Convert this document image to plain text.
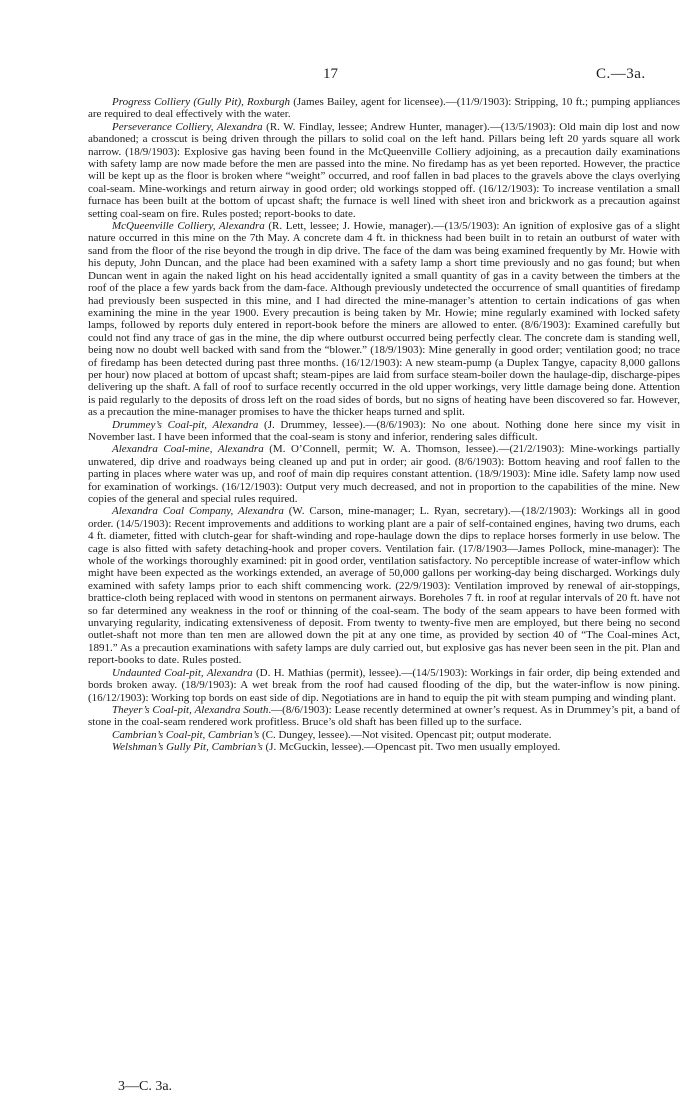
17	C.—3a.

Progress Colliery (Gully Pit), Roxburgh (James Bailey, agent for licensee).—(11/9/1903): Stripping, 10 ft.; pumping appliances are required to deal effectively with the water.

Perseverance Colliery, Alexandra (R. W. Findlay, lessee; Andrew Hunter, manager).—(13/5/1903): Old main dip lost and now abandoned; a crosscut is being driven through the pillars to solid coal on the left hand. Pillars being left 20 yards square all work narrow. (18/9/1903): Explosive gas having been found in the McQueenville Colliery adjoining, as a precaution daily examinations with safety lamp are now made before the men are passed into the mine. No firedamp has as yet been reported. However, the practice will be kept up as the floor is broken where “weight” occurred, and roof fallen in bad places to the gravels above the clays overlying coal-seam. Mine-workings and return airway in good order; old workings stopped off. (16/12/1903): To increase ventilation a small furnace has been built at the bottom of upcast shaft; the furnace is well lined with sheet iron and brickwork as a precaution against setting coal-seam on fire. Rules posted; report-books to date.

McQueenville Colliery, Alexandra (R. Lett, lessee; J. Howie, manager).—(13/5/1903): An ignition of explosive gas of a slight nature occurred in this mine on the 7th May. A concrete dam 4 ft. in thickness had been built in to retain an outburst of water with sand from the floor of the rise beyond the trough in dip drive. The face of the dam was being examined frequently by Mr. Howie with his deputy, John Duncan, and the place had been examined with a safety lamp a short time previously and no gas found; but when Duncan went in again the naked light on his head accidentally ignited a small quantity of gas in a cavity between the timbers at the roof of the place a few yards back from the dam-face. Although previously undetected the occurrence of small quantities of firedamp had previously been suspected in this mine, and I had directed the mine-manager’s attention to certain indications of gas when examining the mine in the year 1900. Every precaution is being taken by Mr. Howie; mine regularly examined with locked safety lamps, followed by reports duly entered in report-book before the miners are allowed to enter. (8/6/1903): Examined carefully but could not find any trace of gas in the mine, the dip where outburst occurred being perfectly clear. The concrete dam is standing well, being now no doubt well backed with sand from the “blower.” (18/9/1903): Mine generally in good order; ventilation good; no trace of firedamp has been detected during past three months. (16/12/1903): A new steam-pump (a Duplex Tangye, capacity 8,000 gallons per hour) now placed at bottom of upcast shaft; steam-pipes are laid from surface steam-boiler down the haulage-dip, discharge-pipes delivering up the shaft. A fall of roof to surface recently occurred in the old upper workings, very little damage being done. Attention is paid regularly to the deposits of dross left on the road sides of bords, but no signs of heating have been discovered so far. However, as a precaution the mine-manager promises to have the thicker heaps turned and split.

Drummey’s Coal-pit, Alexandra (J. Drummey, lessee).—(8/6/1903): No one about. Nothing done here since my visit in November last. I have been informed that the coal-seam is stony and inferior, rendering sales difficult.

Alexandra Coal-mine, Alexandra (M. O’Connell, permit; W. A. Thomson, lessee).—(21/2/1903): Mine-workings partially unwatered, dip drive and roadways being cleaned up and put in order; air good. (8/6/1903): Bottom heaving and roof fallen to the parting in places where water was up, and roof of main dip requires constant attention. (18/9/1903): Mine idle. Safety lamp now used for examination of workings. (16/12/1903): Output very much decreased, and not in proportion to the capabilities of the mine. New copies of the general and special rules required.

Alexandra Coal Company, Alexandra (W. Carson, mine-manager; L. Ryan, secretary).—(18/2/1903): Workings all in good order. (14/5/1903): Recent improvements and additions to working plant are a pair of self-contained engines, having two drums, each 4 ft. diameter, fitted with clutch-gear for shaft-winding and rope-haulage down the dips to replace horses formerly in use below. The cage is also fitted with safety detaching-hook and proper covers. Ventilation fair. (17/8/1903—James Pollock, mine-manager): The whole of the workings thoroughly examined: pit in good order, ventilation satisfactory. No perceptible increase of water-inflow which might have been expected as the workings extended, an average of 50,000 gallons per working-day being discharged. Workings duly examined with safety lamps prior to each shift commencing work. (22/9/1903): Ventilation improved by renewal of air-stoppings, brattice-cloth being replaced with wood in stentons on permanent airways. Boreholes 7 ft. in roof at regular intervals of 20 ft. have not so far determined any weakness in the roof or thinning of the coal-seam. The body of the seam appears to have been formed with unvarying regularity, indicating extensiveness of deposit. From twenty to twenty-five men are employed, but there being no second outlet-shaft not more than ten men are allowed down the pit at any one time, as provided by section 40 of “The Coal-mines Act, 1891.” As a precaution examinations with safety lamps are duly carried out, but explosive gas has never been seen in the pit. Plan and report-books to date. Rules posted.

Undaunted Coal-pit, Alexandra (D. H. Mathias (permit), lessee).—(14/5/1903): Workings in fair order, dip being extended and bords broken away. (18/9/1903): A wet break from the roof had caused flooding of the dip, but the water-inflow is now pining. (16/12/1903): Working top bords on east side of dip. Negotiations are in hand to equip the pit with steam pumping and winding plant.

Theyer’s Coal-pit, Alexandra South.—(8/6/1903): Lease recently determined at owner’s request. As in Drummey’s pit, a band of stone in the coal-seam rendered work profitless. Bruce’s old shaft has been filled up to the surface.

Cambrian’s Coal-pit, Cambrian’s (C. Dungey, lessee).—Not visited. Opencast pit; output moderate.

Welshman’s Gully Pit, Cambrian’s (J. McGuckin, lessee).—Opencast pit. Two men usually employed.

3—C. 3a.
